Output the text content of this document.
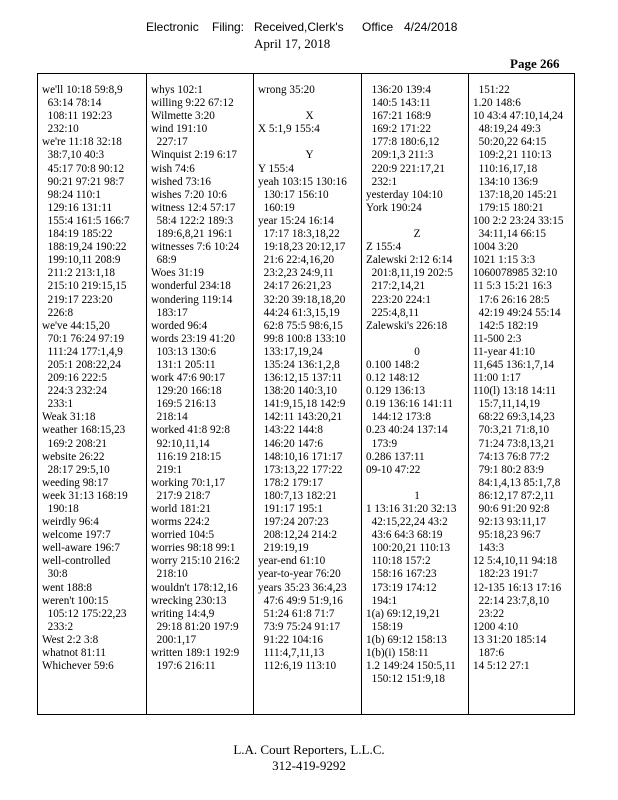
Electronic Filing: Received,Clerk's Office 4/24/2018
April 17, 2018
Page 266
we'll 10:18 59:8,9
63:14 78:14
108:11 192:23
232:10
we're 11:18 32:18
38:7,10 40:3
45:17 70:8 90:12
90:21 97:21 98:7
98:24 110:1
129:16 131:11
155:4 161:5 166:7
184:19 185:22
188:19,24 190:22
199:10,11 208:9
211:2 213:1,18
215:10 219:15,15
219:17 223:20
226:8
we've 44:15,20
70:1 76:24 97:19
111:24 177:1,4,9
205:1 208:22,24
209:16 222:5
224:3 232:24
233:1
Weak 31:18
weather 168:15,23
169:2 208:21
website 26:22
28:17 29:5,10
weeding 98:17
week 31:13 168:19
190:18
weirdly 96:4
welcome 197:7
well-aware 196:7
well-controlled
30:8
went 188:8
weren't 100:15
105:12 175:22,23
233:2
West 2:2 3:8
whatnot 81:11
Whichever 59:6
whys 102:1
willing 9:22 67:12
Wilmette 3:20
wind 191:10
227:17
Winquist 2:19 6:17
wish 74:6
wished 73:16
wishes 7:20 10:6
witness 12:4 57:17
58:4 122:2 189:3
189:6,8,21 196:1
witnesses 7:6 10:24
68:9
Woes 31:19
wonderful 234:18
wondering 119:14
183:17
worded 96:4
words 23:19 41:20
103:13 130:6
131:1 205:11
work 47:6 90:17
129:20 166:18
169:5 216:13
218:14
worked 41:8 92:8
92:10,11,14
116:19 218:15
219:1
working 70:1,17
217:9 218:7
world 181:21
worms 224:2
worried 104:5
worries 98:18 99:1
worry 215:10 216:2
218:10
wouldn't 178:12,16
wrecking 230:13
writing 14:4,9
29:18 81:20 197:9
200:1,17
written 189:1 192:9
197:6 216:11
wrong 35:20
X
X 5:1,9 155:4
Y
Y 155:4
yeah 103:15 130:16
130:17 156:10
160:19
year 15:24 16:14
17:17 18:3,18,22
19:18,23 20:12,17
21:6 22:4,16,20
23:2,23 24:9,11
24:17 26:21,23
32:20 39:18,18,20
44:24 61:3,15,19
62:8 75:5 98:6,15
99:8 100:8 133:10
133:17,19,24
135:24 136:1,2,8
136:12,15 137:11
138:20 140:3,10
141:9,15,18 142:9
142:11 143:20,21
143:22 144:8
146:20 147:6
148:10,16 171:17
173:13,22 177:22
178:2 179:17
180:7,13 182:21
191:17 195:1
197:24 207:23
208:12,24 214:2
219:19,19
year-end 61:10
year-to-year 76:20
years 35:23 36:4,23
47:6 49:9 51:9,16
51:24 61:8 71:7
73:9 75:24 91:17
91:22 104:16
111:4,7,11,13
112:6,19 113:10
136:20 139:4
140:5 143:11
167:21 168:9
169:2 171:22
177:8 180:6,12
209:1,3 211:3
220:9 221:17,21
232:1
yesterday 104:10
York 190:24
Z
Z 155:4
Zalewski 2:12 6:14
201:8,11,19 202:5
217:2,14,21
223:20 224:1
225:4,8,11
Zalewski's 226:18
0
0.100 148:2
0.12 148:12
0.129 136:13
0.19 136:16 141:11
144:12 173:8
0.23 40:24 137:14
173:9
0.286 137:11
09-10 47:22
1
1 13:16 31:20 32:13
42:15,22,24 43:2
43:6 64:3 68:19
100:20,21 110:13
110:18 157:2
158:16 167:23
173:19 174:12
194:1
1(a) 69:12,19,21
158:19
1(b) 69:12 158:13
1(b)(i) 158:11
1.2 149:24 150:5,11
150:12 151:9,18
151:22
1.20 148:6
10 43:4 47:10,14,24
48:19,24 49:3
50:20,22 64:15
109:2,21 110:13
110:16,17,18
134:10 136:9
137:18,20 145:21
179:15 180:21
100 2:2 23:24 33:15
34:11,14 66:15
1004 3:20
1021 1:15 3:3
1060078985 32:10
11 5:3 15:21 16:3
17:6 26:16 28:5
42:19 49:24 55:14
142:5 182:19
11-500 2:3
11-year 41:10
11,645 136:1,7,14
11:00 1:17
110(l) 13:18 14:11
15:7,11,14,19
68:22 69:3,14,23
70:3,21 71:8,10
71:24 73:8,13,21
74:13 76:8 77:2
79:1 80:2 83:9
84:1,4,13 85:1,7,8
86:12,17 87:2,11
90:6 91:20 92:8
92:13 93:11,17
95:18,23 96:7
143:3
12 5:4,10,11 94:18
182:23 191:7
12-135 16:13 17:16
22:14 23:7,8,10
23:22
1200 4:10
13 31:20 185:14
187:6
14 5:12 27:1
L.A. Court Reporters, L.L.C.
312-419-9292
